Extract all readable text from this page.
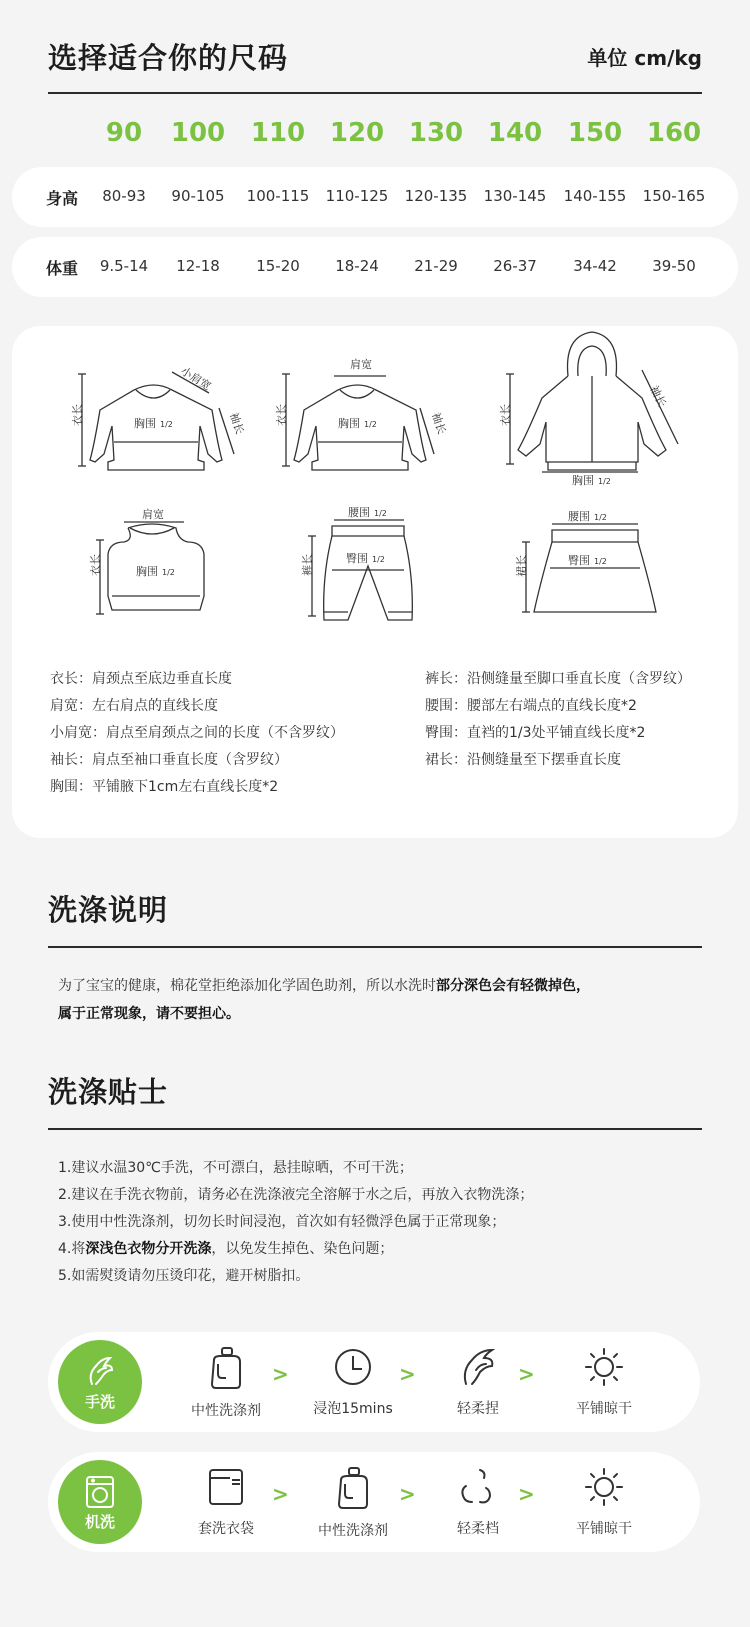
选择适合你的尺码	单位 cm/kg
90	100 110 120 130 140 150 160
身高	80-93	90-105	100-115	110-125	120-135	130-145	140-155	150-165
体重	9.5-14	12-18	15-20	18-24	21-29	26-37	34-42	39-50
衣长
小肩宽
袖长
胸围 1/2	衣长
肩宽
袖长
胸围 1/2	衣长
袖长
胸围 1/2
衣长
肩宽
胸围 1/2	裤长
腰围 1/2
臀围 1/2	裙长
腰围 1/2
臀围 1/2
衣长：肩颈点至底边垂直长度
肩宽：左右肩点的直线长度
小肩宽：肩点至肩颈点之间的长度（不含罗纹）
袖长：肩点至袖口垂直长度（含罗纹）
胸围：平铺腋下1cm左右直线长度*2
裤长：沿侧缝量至脚口垂直长度（含罗纹）
腰围：腰部左右端点的直线长度*2
臀围：直裆的1/3处平铺直线长度*2
裙长：沿侧缝量至下摆垂直长度
洗涤说明
为了宝宝的健康，棉花堂拒绝添加化学固色助剂，所以水洗时部分深色会有轻微掉色，
属于正常现象，请不要担心。
洗涤贴士
1.建议水温30℃手洗，不可漂白，悬挂晾晒，不可干洗；
2.建议在手洗衣物前，请务必在洗涤液完全溶解于水之后，再放入衣物洗涤；
3.使用中性洗涤剂，切勿长时间浸泡，首次如有轻微浮色属于正常现象；
4.将深浅色衣物分开洗涤，以免发生掉色、染色问题；
5.如需熨烫请勿压烫印花，避开树脂扣。
手洗	中性洗涤剂
>
浸泡15mins
>
轻柔捏
>
平铺晾干
机洗	套洗衣袋
>
中性洗涤剂
>
轻柔档
>
平铺晾干
